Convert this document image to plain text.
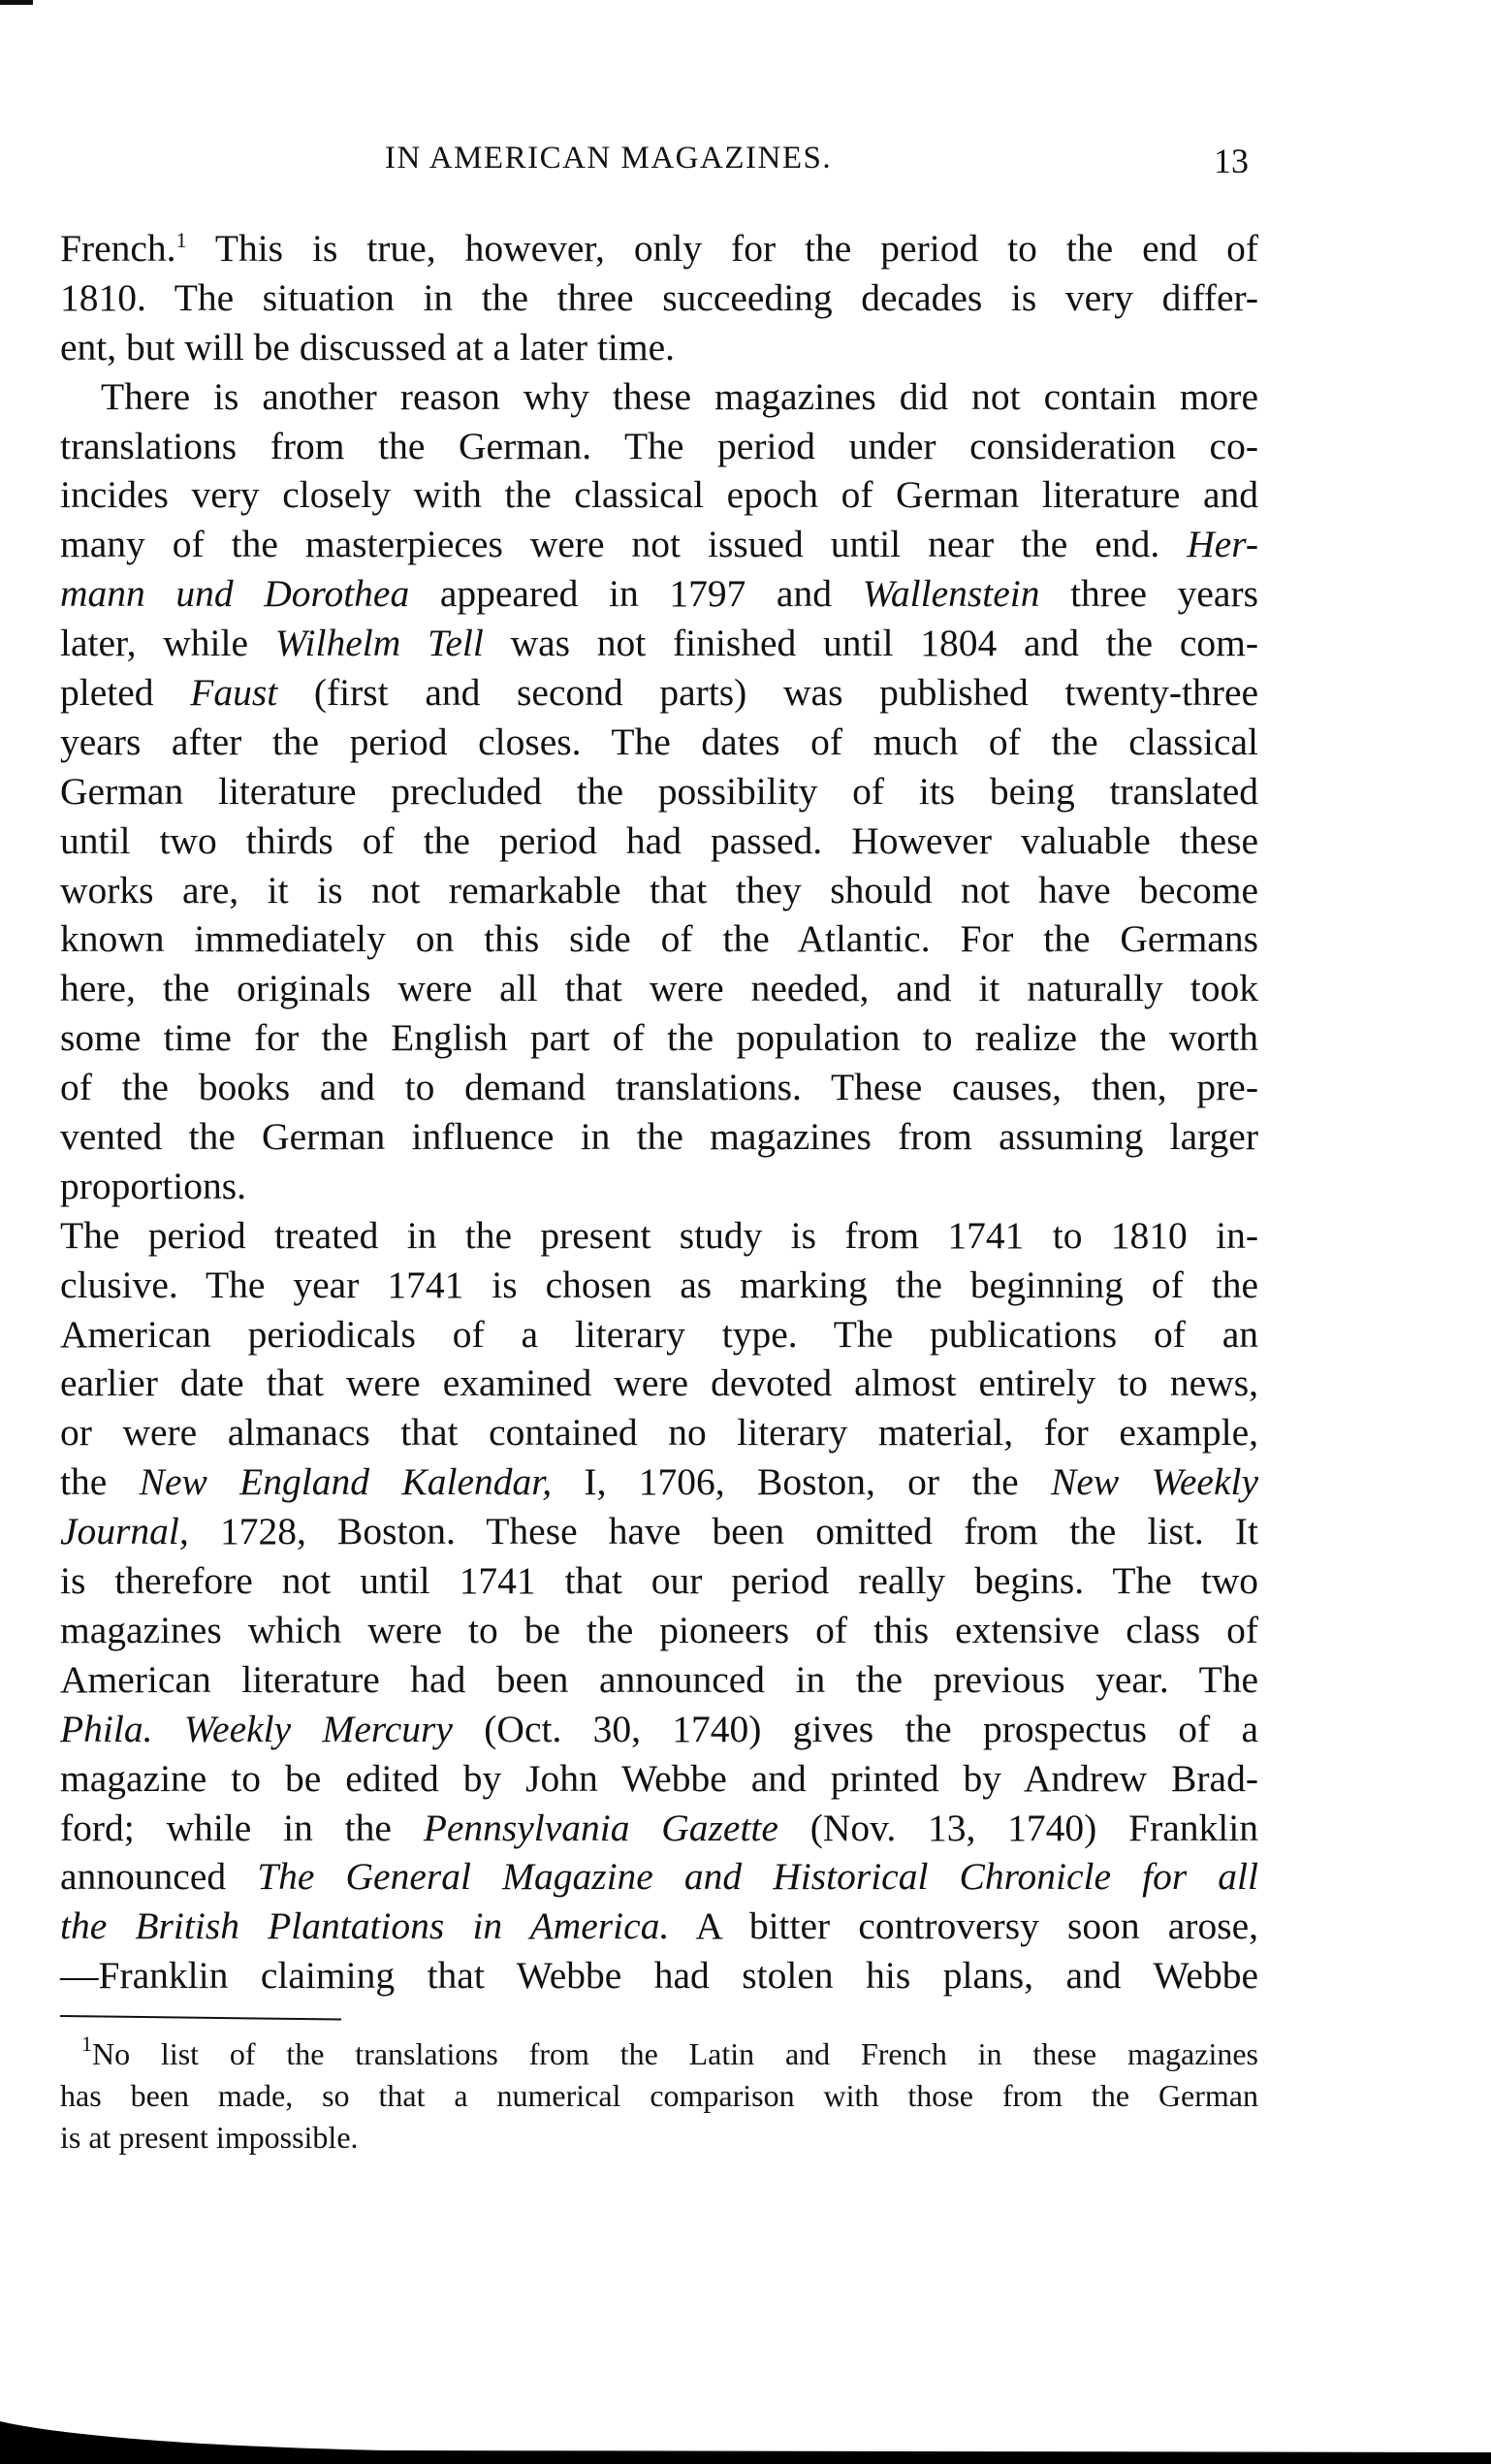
IN AMERICAN MAGAZINES.	13
French.$^1$ This is true, however, only for the period to the end of
1810. The situation in the three succeeding decades is very differ-
ent, but will be discussed at a later time.
There is another reason why these magazines did not contain more
translations from the German. The period under consideration co-
incides very closely with the classical epoch of German literature and
many of the masterpieces were not issued until near the end. Her-
mann und Dorothea appeared in 1797 and Wallenstein three years
later, while Wilhelm Tell was not finished until 1804 and the com-
pleted Faust (first and second parts) was published twenty-three
years after the period closes. The dates of much of the classical
German literature precluded the possibility of its being translated
until two thirds of the period had passed. However valuable these
works are, it is not remarkable that they should not have become
known immediately on this side of the Atlantic. For the Germans
here, the originals were all that were needed, and it naturally took
some time for the English part of the population to realize the worth
of the books and to demand translations. These causes, then, pre-
vented the German influence in the magazines from assuming larger
proportions.
The period treated in the present study is from 1741 to 1810 in-
clusive. The year 1741 is chosen as marking the beginning of the
American periodicals of a literary type. The publications of an
earlier date that were examined were devoted almost entirely to news,
or were almanacs that contained no literary material, for example,
the New England Kalendar, I, 1706, Boston, or the New Weekly
Journal, 1728, Boston. These have been omitted from the list. It
is therefore not until 1741 that our period really begins. The two
magazines which were to be the pioneers of this extensive class of
American literature had been announced in the previous year. The
Phila. Weekly Mercury (Oct. 30, 1740) gives the prospectus of a
magazine to be edited by John Webbe and printed by Andrew Brad-
ford; while in the Pennsylvania Gazette (Nov. 13, 1740) Franklin
announced The General Magazine and Historical Chronicle for all
the British Plantations in America. A bitter controversy soon arose,
—Franklin claiming that Webbe had stolen his plans, and Webbe
$^1$No list of the translations from the Latin and French in these magazines
has been made, so that a numerical comparison with those from the German
is at present impossible.
